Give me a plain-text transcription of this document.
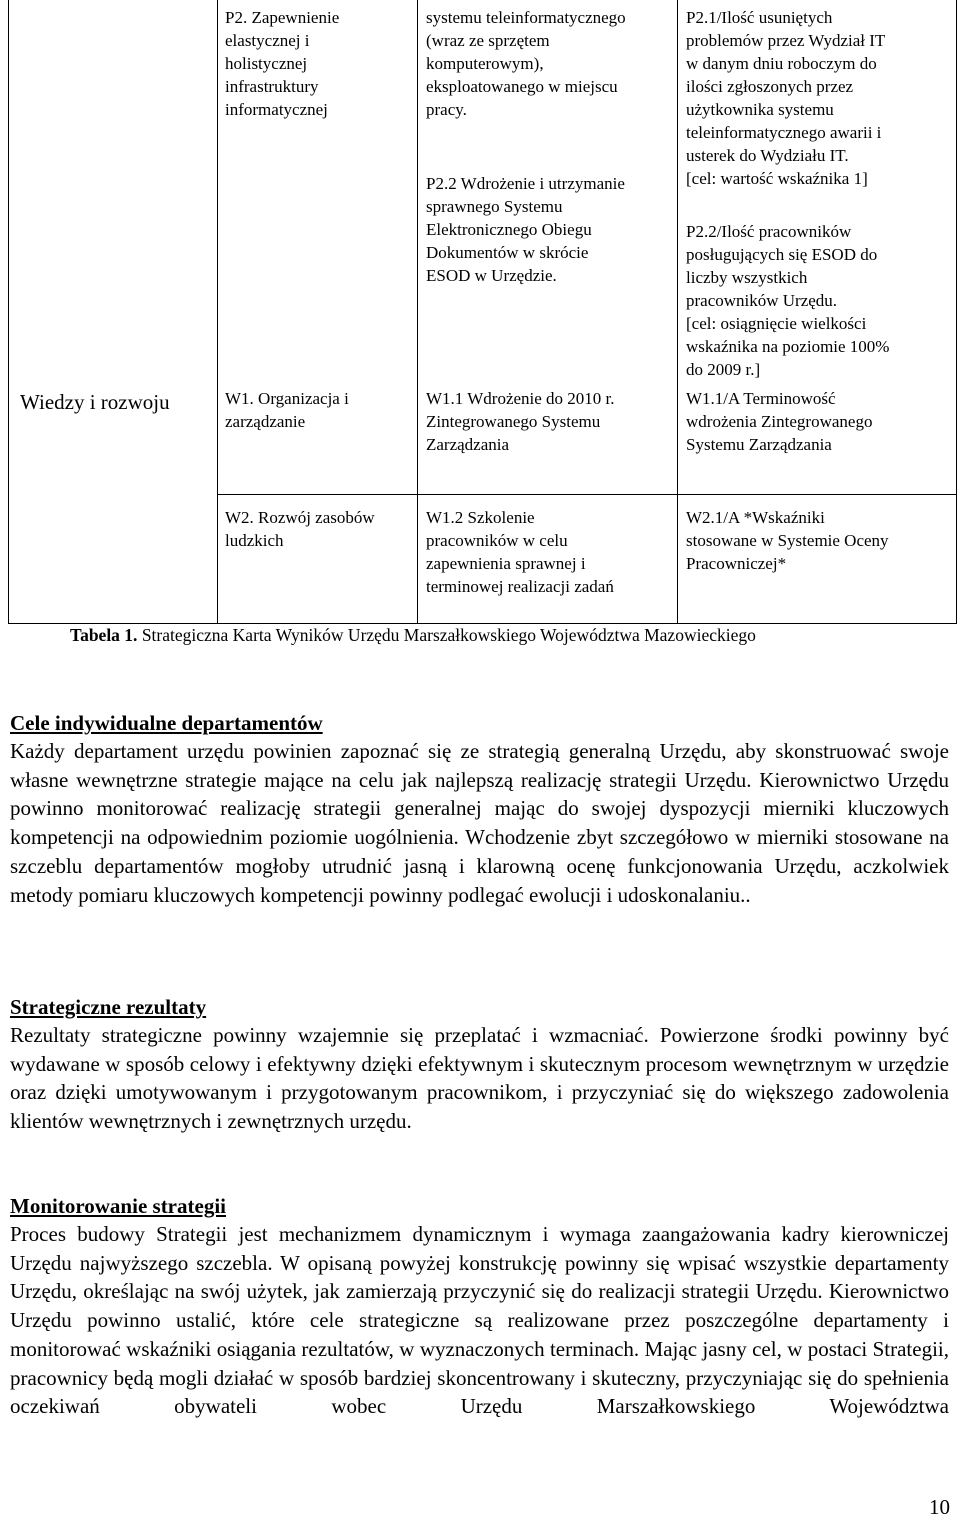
Wiedzy i rozwoju
P2. Zapewnienie
elastycznej i
holistycznej
infrastruktury
informatycznej
W1. Organizacja i
zarządzanie
W2. Rozwój zasobów
ludzkich
systemu teleinformatycznego
(wraz ze sprzętem
komputerowym),
eksploatowanego w miejscu
pracy.
P2.2 Wdrożenie i utrzymanie
sprawnego Systemu
Elektronicznego Obiegu
Dokumentów w skrócie
ESOD w Urzędzie.
W1.1 Wdrożenie do 2010 r.
Zintegrowanego Systemu
Zarządzania
W1.2 Szkolenie
pracowników w celu
zapewnienia sprawnej i
terminowej realizacji zadań
P2.1/Ilość usuniętych
problemów przez Wydział IT
w danym dniu roboczym do
ilości zgłoszonych przez
użytkownika systemu
teleinformatycznego awarii i
usterek do Wydziału IT.
[cel: wartość wskaźnika 1]
P2.2/Ilość pracowników
posługujących się ESOD do
liczby wszystkich
pracowników Urzędu.
[cel: osiągnięcie wielkości
wskaźnika na poziomie 100%
do 2009 r.]
W1.1/A Terminowość
wdrożenia Zintegrowanego
Systemu Zarządzania
W2.1/A *Wskaźniki
stosowane w Systemie Oceny
Pracowniczej*
Tabela 1. Strategiczna Karta Wyników Urzędu Marszałkowskiego Województwa Mazowieckiego
Cele indywidualne departamentów
Każdy departament urzędu powinien zapoznać się ze strategią generalną Urzędu, aby skonstruować swoje własne wewnętrzne strategie mające na celu jak najlepszą realizację strategii Urzędu. Kierownictwo Urzędu powinno monitorować realizację strategii generalnej mając do swojej dyspozycji mierniki kluczowych kompetencji na odpowiednim poziomie uogólnienia. Wchodzenie zbyt szczegółowo w mierniki stosowane na szczeblu departamentów mogłoby utrudnić jasną i klarowną ocenę funkcjonowania Urzędu, aczkolwiek metody pomiaru kluczowych kompetencji powinny podlegać ewolucji i udoskonalaniu..
Strategiczne rezultaty
Rezultaty strategiczne powinny wzajemnie się przeplatać i wzmacniać. Powierzone środki powinny być wydawane w sposób celowy i efektywny dzięki efektywnym i skutecznym procesom wewnętrznym w urzędzie oraz dzięki umotywowanym i przygotowanym pracownikom, i przyczyniać się do większego zadowolenia klientów wewnętrznych i zewnętrznych urzędu.
Monitorowanie strategii
Proces budowy Strategii jest mechanizmem dynamicznym i wymaga zaangażowania kadry kierowniczej Urzędu najwyższego szczebla. W opisaną powyżej konstrukcję powinny się wpisać wszystkie departamenty Urzędu, określając na swój użytek, jak zamierzają przyczynić się do realizacji strategii Urzędu. Kierownictwo Urzędu powinno ustalić, które cele strategiczne są realizowane przez poszczególne departamenty i monitorować wskaźniki osiągania rezultatów, w wyznaczonych terminach. Mając jasny cel, w postaci Strategii, pracownicy będą mogli działać w sposób bardziej skoncentrowany i skuteczny, przyczyniając się do spełnienia oczekiwań obywateli wobec Urzędu Marszałkowskiego Województwa
10
